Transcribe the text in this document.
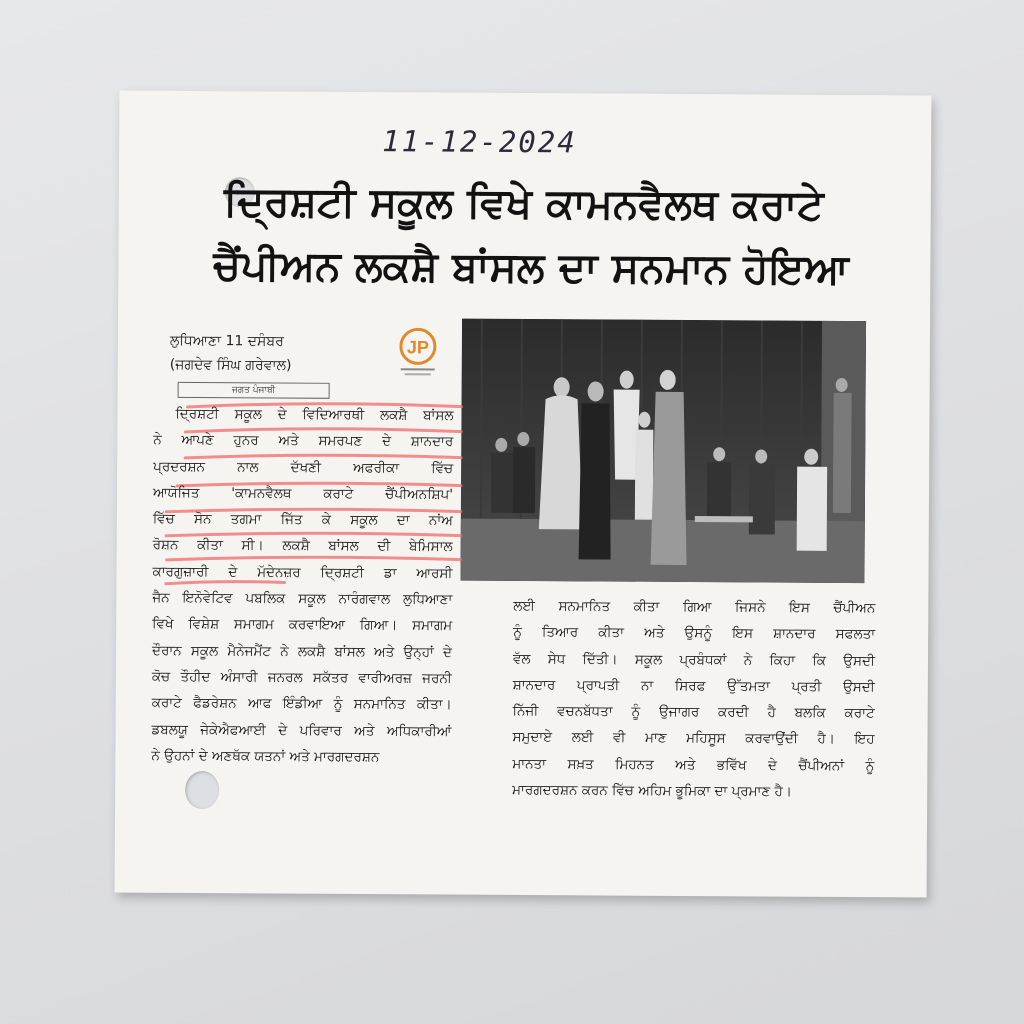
11-12-2024
ਦ੍ਰਿਸ਼ਟੀ ਸਕੂਲ ਵਿਖੇ ਕਾਮਨਵੈਲਥ ਕਰਾਟੇ
ਚੈਂਪੀਅਨ ਲਕਸ਼ੈ ਬਾਂਸਲ ਦਾ ਸਨਮਾਨ ਹੋਇਆ
ਲੁਧਿਆਣਾ 11 ਦਸੰਬਰ
(ਜਗਦੇਵ ਸਿੰਘ ਗਰੇਵਾਲ)
ਜਗਤ ਪੰਜਾਬੀ
JP

ਦ੍ਰਿਸ਼ਟੀ ਸਕੂਲ ਦੇ ਵਿਦਿਆਰਥੀ ਲਕਸ਼ੈ ਬਾਂਸਲ

ਨੇ ਆਪਣੇ ਹੁਨਰ ਅਤੇ ਸਮਰਪਣ ਦੇ ਸ਼ਾਨਦਾਰ

ਪ੍ਰਦਰਸ਼ਨ ਨਾਲ ਦੱਖਣੀ ਅਫਰੀਕਾ ਵਿੱਚ

ਆਯੋਜਿਤ 'ਕਾਮਨਵੈਲਥ ਕਰਾਟੇ ਚੈਂਪੀਅਨਸ਼ਿਪ'

ਵਿੱਚ ਸੋਨ ਤਗਮਾ ਜਿੱਤ ਕੇ ਸਕੂਲ ਦਾ ਨਾਂਅ

ਰੋਸ਼ਨ ਕੀਤਾ ਸੀ। ਲਕਸ਼ੈ ਬਾਂਸਲ ਦੀ ਬੇਮਿਸਾਲ

ਕਾਰਗੁਜ਼ਾਰੀ ਦੇ ਮੱਦੇਨਜ਼ਰ ਦ੍ਰਿਸ਼ਟੀ ਡਾ ਆਰਸੀ

ਜੈਨ ਇਨੋਵੇਟਿਵ ਪਬਲਿਕ ਸਕੂਲ ਨਾਰੰਗਵਾਲ ਲੁਧਿਆਣਾ

ਵਿਖੇ ਵਿਸ਼ੇਸ਼ ਸਮਾਗਮ ਕਰਵਾਇਆ ਗਿਆ। ਸਮਾਗਮ

ਦੌਰਾਨ ਸਕੂਲ ਮੈਨੇਜਮੈਂਟ ਨੇ ਲਕਸ਼ੈ ਬਾਂਸਲ ਅਤੇ ਉਨ੍ਹਾਂ ਦੇ

ਕੋਚ ਤੌਹੀਦ ਅੰਸਾਰੀ ਜਨਰਲ ਸਕੱਤਰ ਵਾਰੀਅਰਜ਼ ਜਰਨੀ

ਕਰਾਟੇ ਫੈਡਰੇਸ਼ਨ ਆਫ ਇੰਡੀਆ ਨੂੰ ਸਨਮਾਨਿਤ ਕੀਤਾ।

ਡਬਲਯੂ ਜੇਕੇਐਫਆਈ ਦੇ ਪਰਿਵਾਰ ਅਤੇ ਅਧਿਕਾਰੀਆਂ

ਨੇ ਉਹਨਾਂ ਦੇ ਅਣਥੱਕ ਯਤਨਾਂ ਅਤੇ ਮਾਰਗਦਰਸ਼ਨ

ਲਈ ਸਨਮਾਨਿਤ ਕੀਤਾ ਗਿਆ ਜਿਸਨੇ ਇਸ ਚੈਂਪੀਅਨ

ਨੂੰ ਤਿਆਰ ਕੀਤਾ ਅਤੇ ਉਸਨੂੰ ਇਸ ਸ਼ਾਨਦਾਰ ਸਫਲਤਾ

ਵੱਲ ਸੇਧ ਦਿੱਤੀ। ਸਕੂਲ ਪ੍ਰਬੰਧਕਾਂ ਨੇ ਕਿਹਾ ਕਿ ਉਸਦੀ

ਸ਼ਾਨਦਾਰ ਪ੍ਰਾਪਤੀ ਨਾ ਸਿਰਫ ਉੱਤਮਤਾ ਪ੍ਰਤੀ ਉਸਦੀ

ਨਿੱਜੀ ਵਚਨਬੱਧਤਾ ਨੂੰ ਉਜਾਗਰ ਕਰਦੀ ਹੈ ਬਲਕਿ ਕਰਾਟੇ

ਸਮੁਦਾਏ ਲਈ ਵੀ ਮਾਣ ਮਹਿਸੂਸ ਕਰਵਾਉਂਦੀ ਹੈ। ਇਹ

ਮਾਨਤਾ ਸਖ਼ਤ ਮਿਹਨਤ ਅਤੇ ਭਵਿੱਖ ਦੇ ਚੈਂਪੀਅਨਾਂ ਨੂੰ

ਮਾਰਗਦਰਸ਼ਨ ਕਰਨ ਵਿੱਚ ਅਹਿਮ ਭੂਮਿਕਾ ਦਾ ਪ੍ਰਮਾਣ ਹੈ।
